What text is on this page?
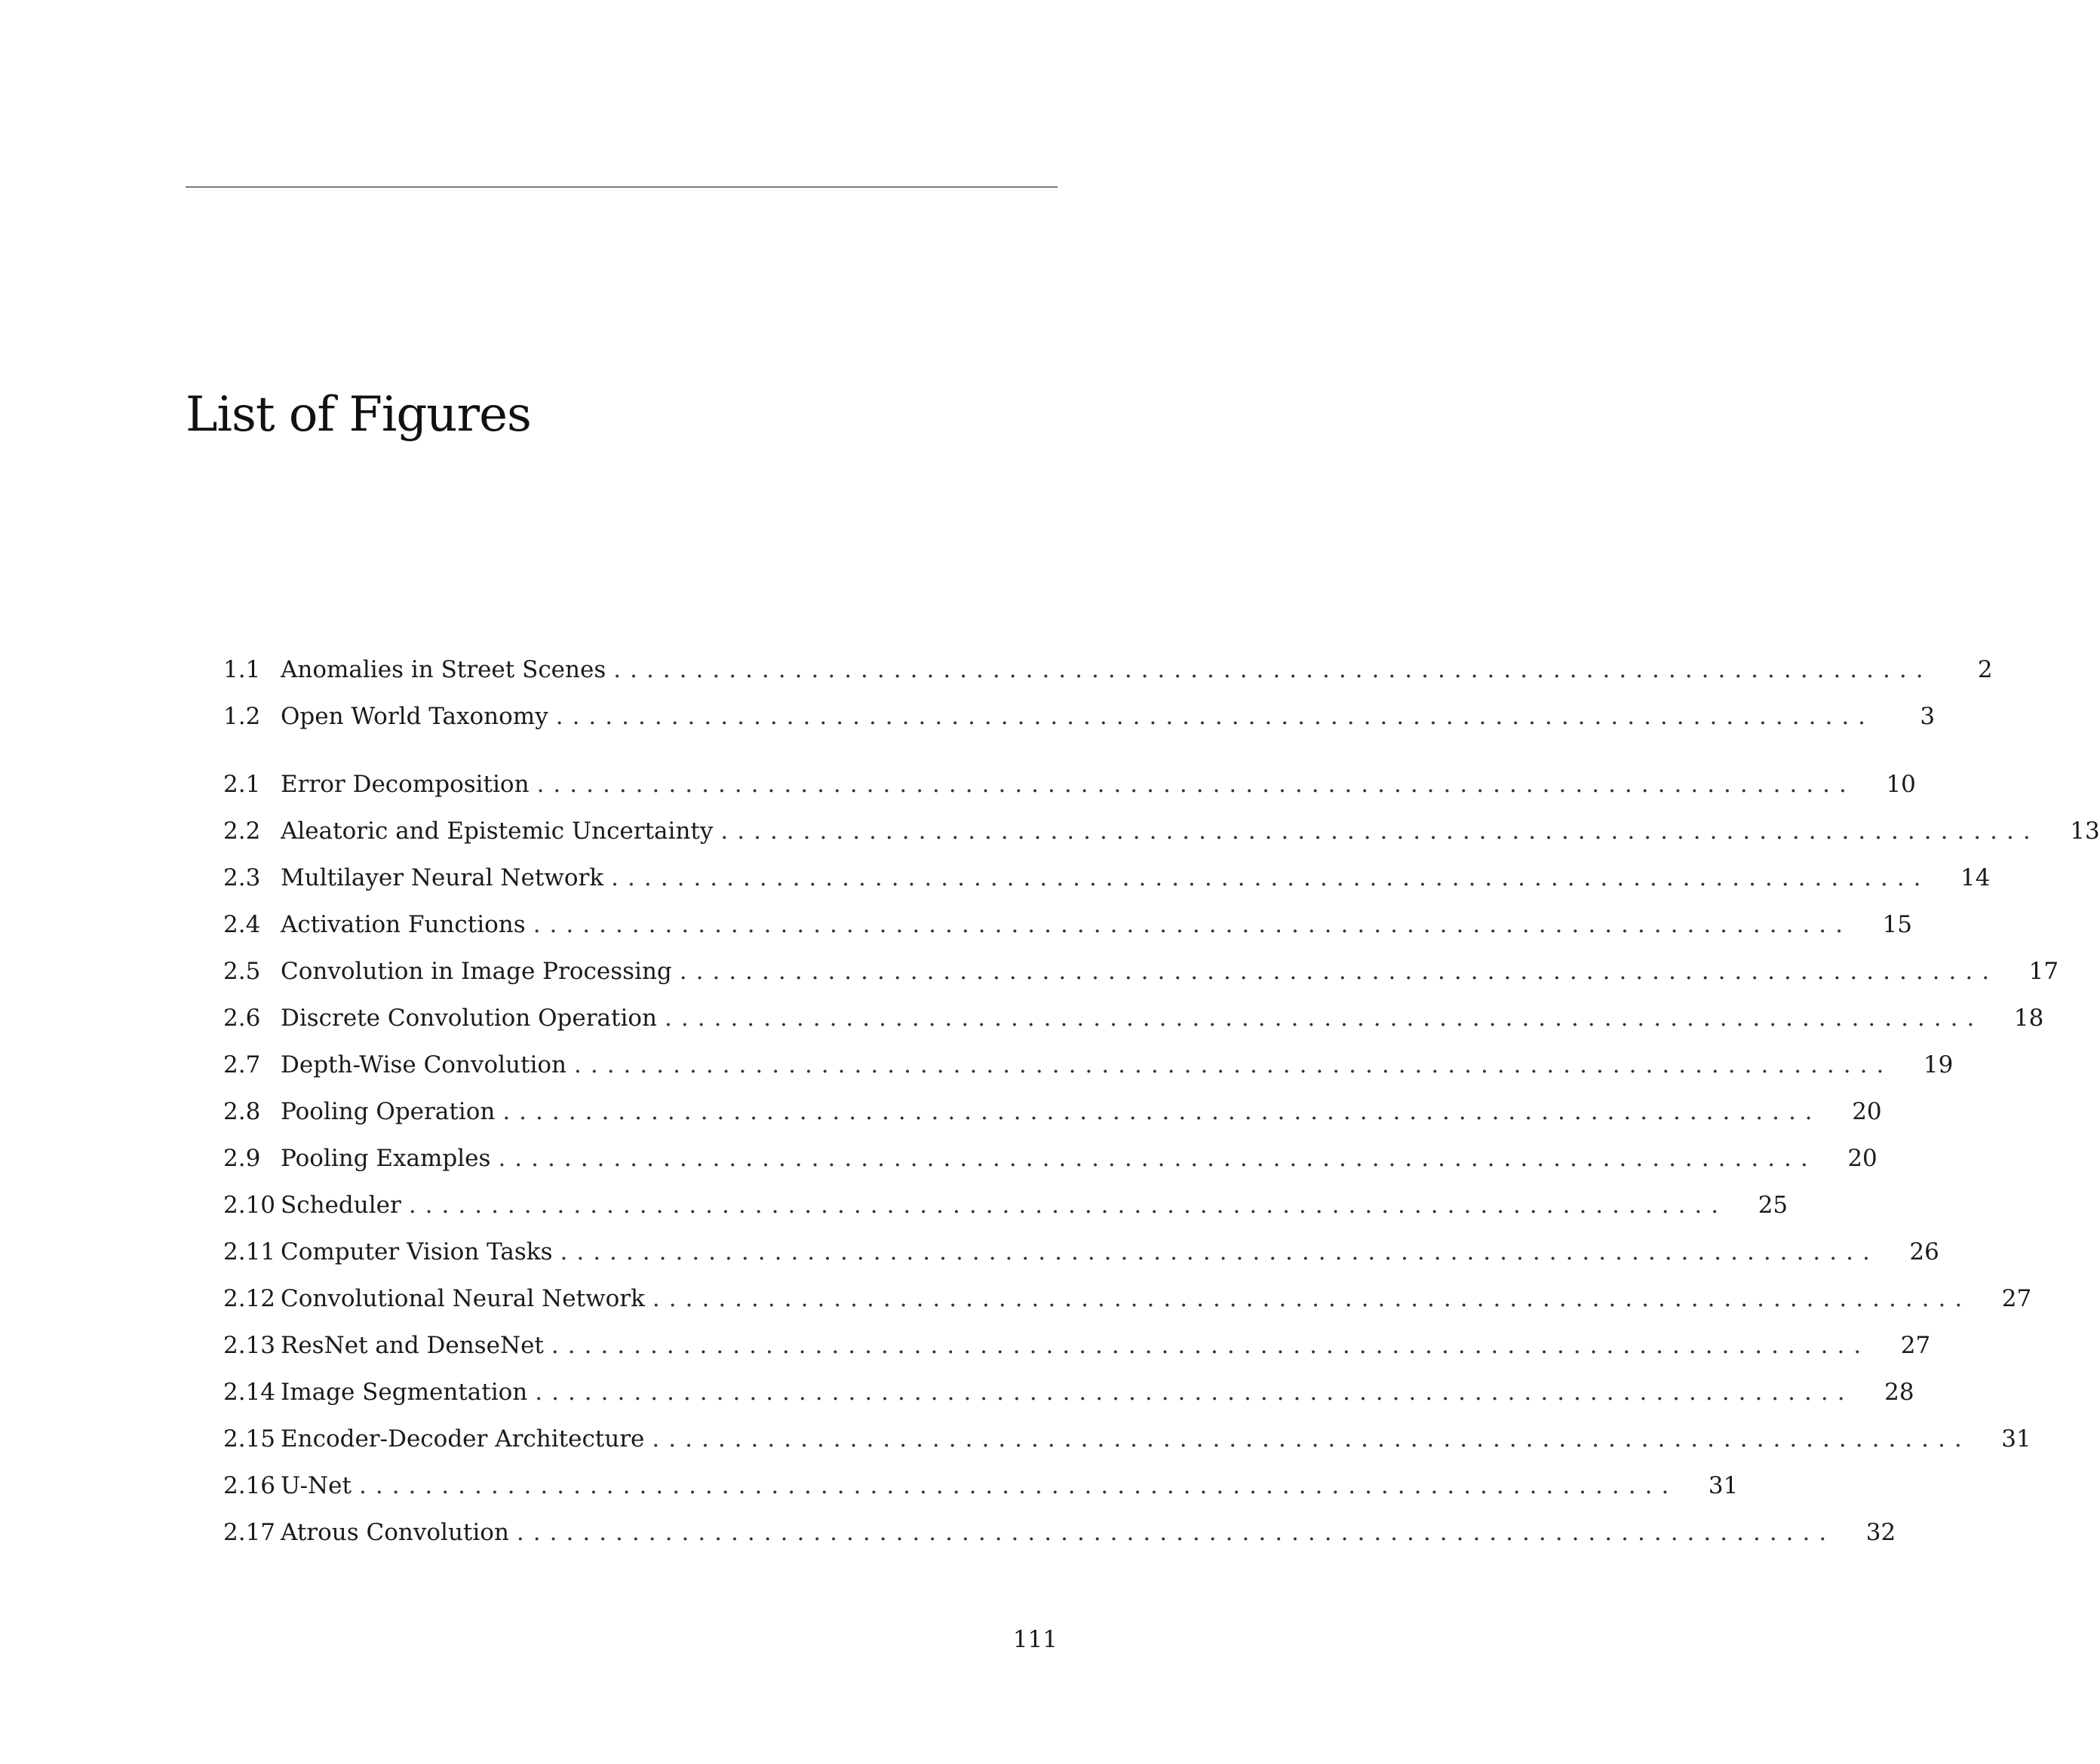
List of Figures
1.1 Anomalies in Street Scenes ................................................................................	2
1.2 Open World Taxonomy ................................................................................	3
2.1 Error Decomposition ................................................................................	10
2.2 Aleatoric and Epistemic Uncertainty ................................................................................	13
2.3 Multilayer Neural Network ................................................................................	14
2.4 Activation Functions ................................................................................	15
2.5 Convolution in Image Processing ................................................................................	17
2.6 Discrete Convolution Operation ................................................................................	18
2.7 Depth-Wise Convolution ................................................................................	19
2.8 Pooling Operation ................................................................................	20
2.9 Pooling Examples ................................................................................	20
2.10 Scheduler ................................................................................	25
2.11 Computer Vision Tasks ................................................................................	26
2.12 Convolutional Neural Network ................................................................................	27
2.13 ResNet and DenseNet ................................................................................	27
2.14 Image Segmentation ................................................................................	28
2.15 Encoder-Decoder Architecture ................................................................................	31
2.16 U-Net ................................................................................	31
2.17 Atrous Convolution ................................................................................	32
111
